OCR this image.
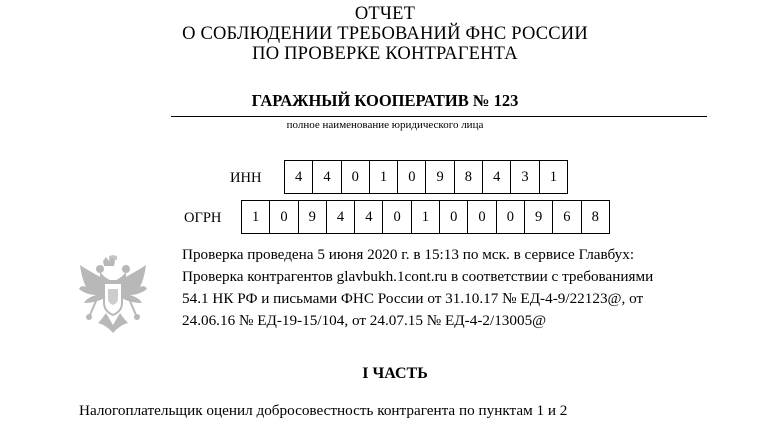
ОТЧЕТ
О СОБЛЮДЕНИИ ТРЕБОВАНИЙ ФНС РОССИИ
ПО ПРОВЕРКЕ КОНТРАГЕНТА
ГАРАЖНЫЙ КООПЕРАТИВ № 123
полное наименование юридического лица
ИНН	4	4	0	1	0	9	8	4	3	1
ОГРН	1	0	9	4	4	0	1	0	0	0	9	6	8
Проверка проведена 5 июня 2020 г. в 15:13 по мск. в сервисе Главбух:
Проверка контрагентов glavbukh.1cont.ru в соответствии с требованиями
54.1 НК РФ и письмами ФНС России от 31.10.17 № ЕД-4-9/22123@, от
24.06.16 № ЕД-19-15/104, от 24.07.15 № ЕД-4-2/13005@
I ЧАСТЬ
Налогоплательщик оценил добросовестность контрагента по пунктам 1 и 2
